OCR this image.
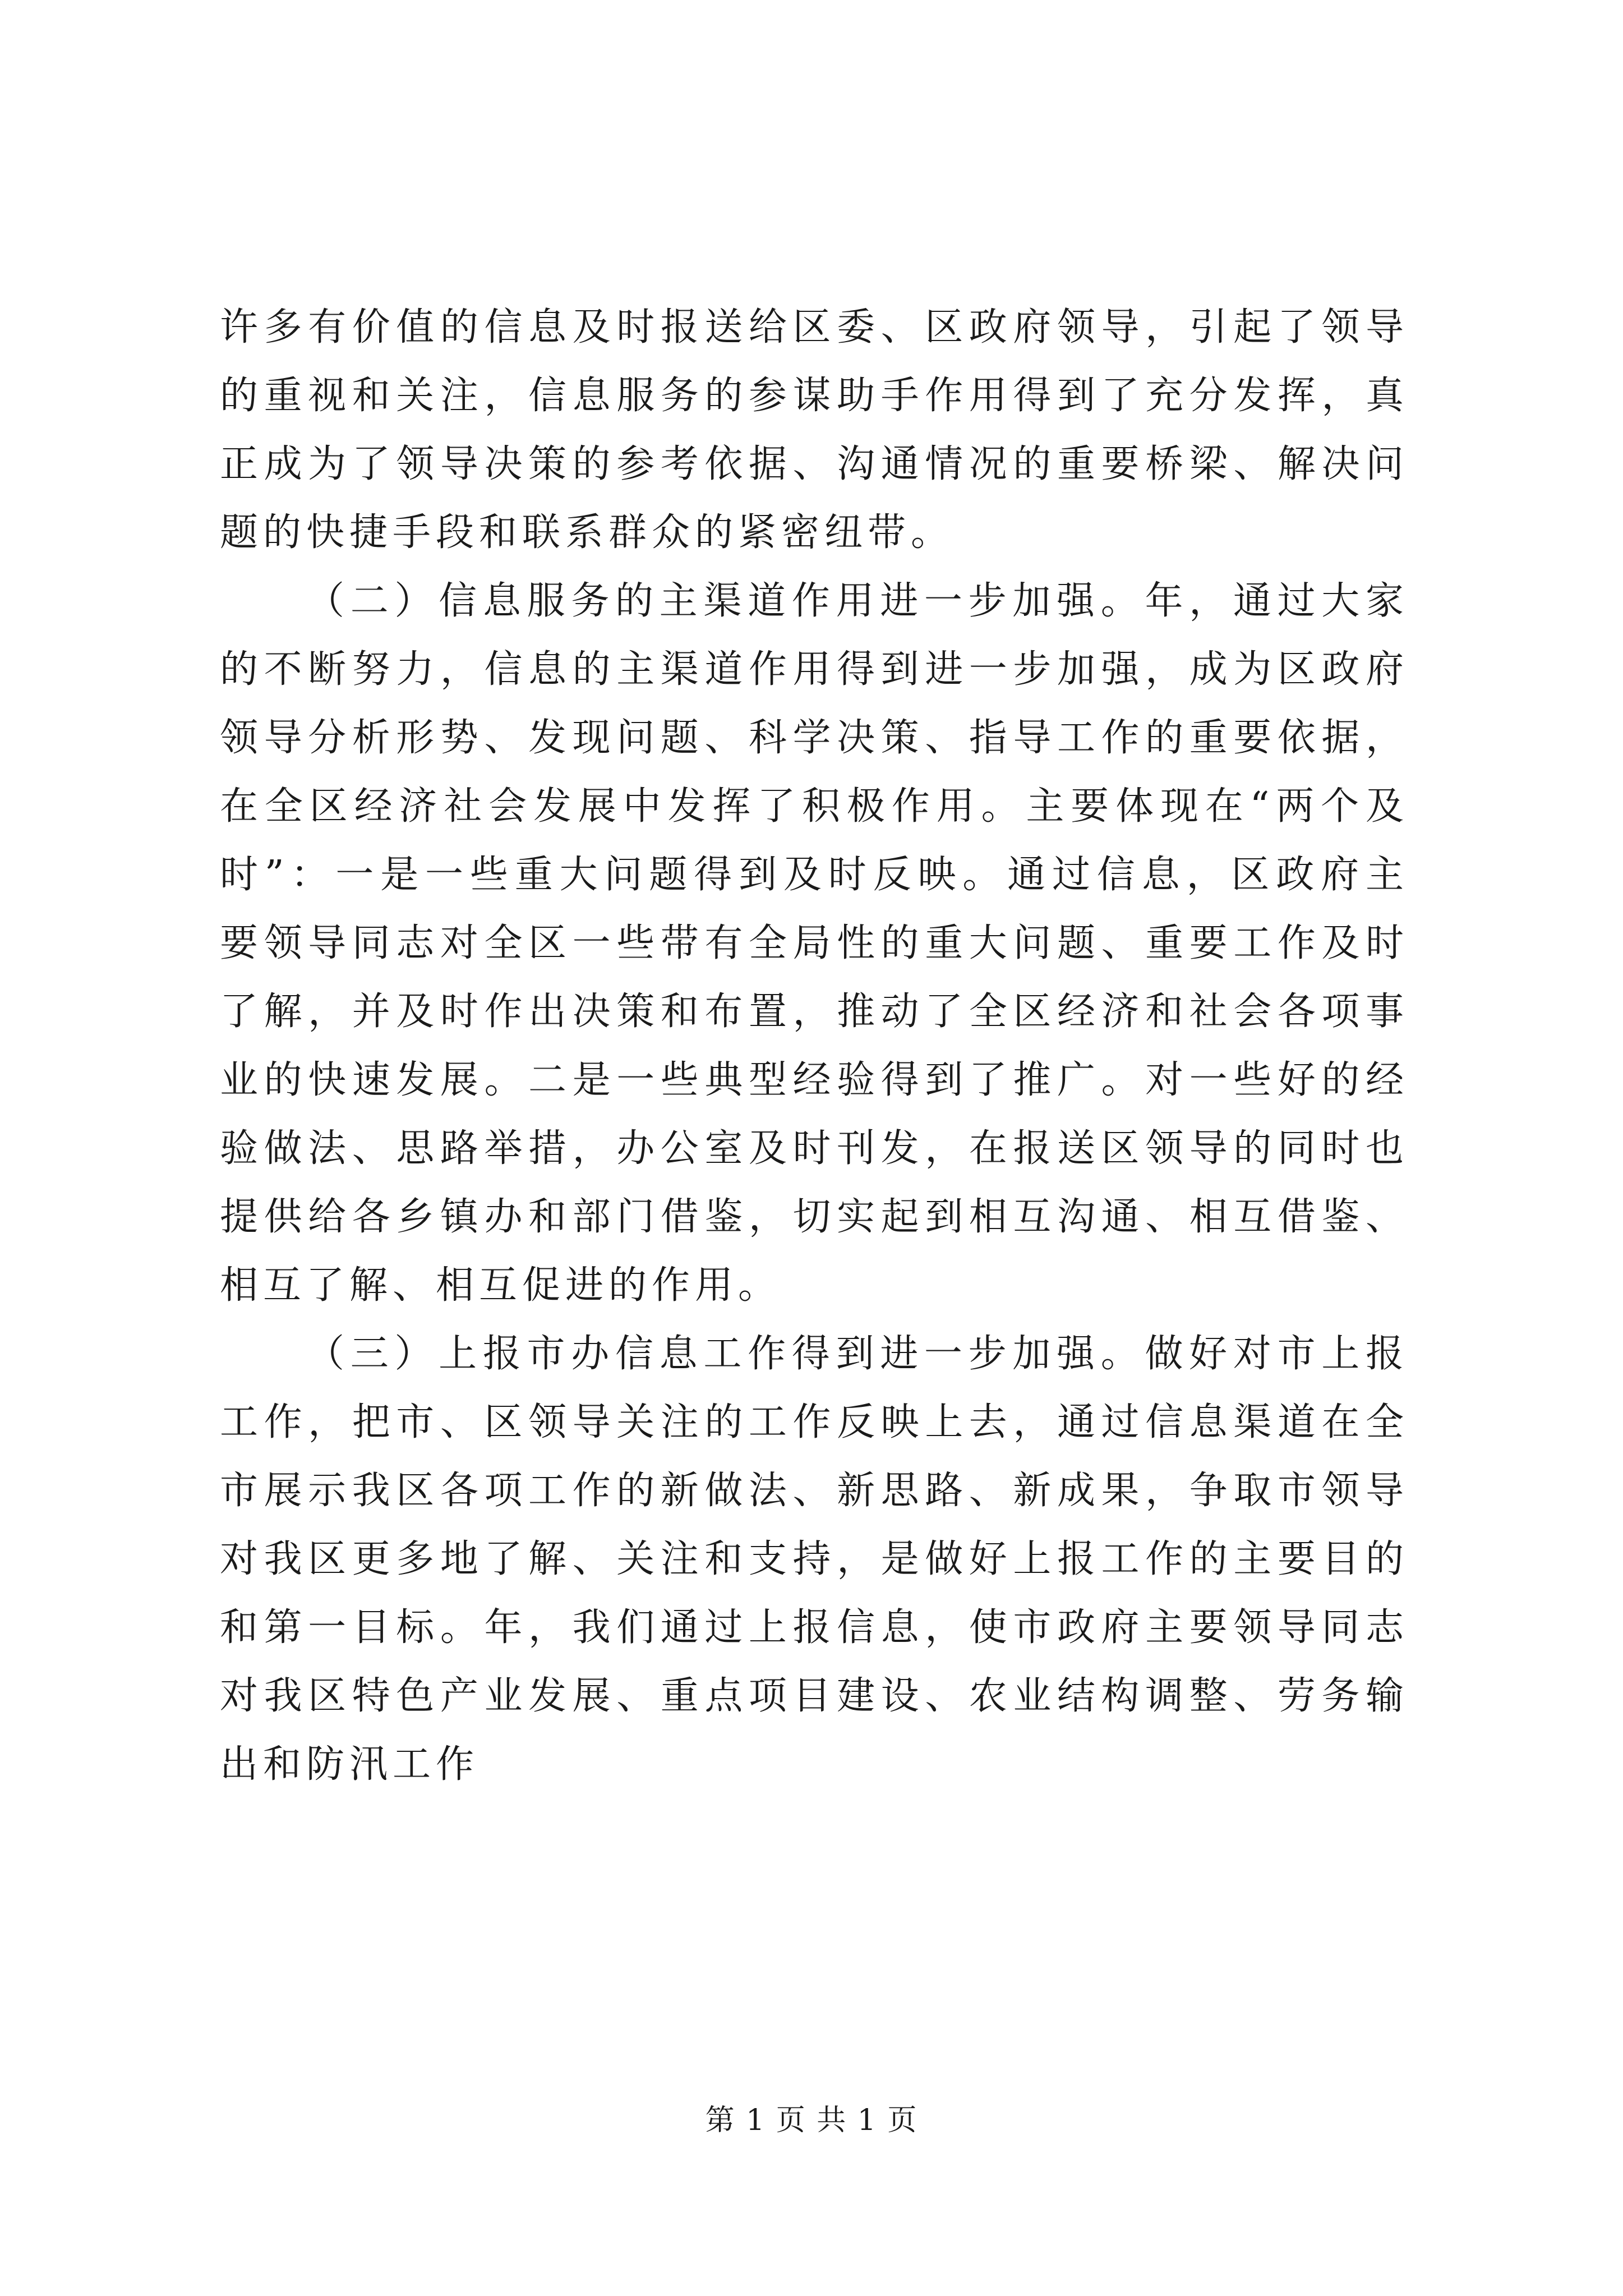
许多有价值的信息及时报送给区委、区政府领导，引起了领导的重视和关注，信息服务的参谋助手作用得到了充分发挥，真正成为了领导决策的参考依据、沟通情况的重要桥梁、解决问题的快捷手段和联系群众的紧密纽带。

（二）信息服务的主渠道作用进一步加强。年，通过大家的不断努力，信息的主渠道作用得到进一步加强，成为区政府领导分析形势、发现问题、科学决策、指导工作的重要依据，在全区经济社会发展中发挥了积极作用。主要体现在“两个及时”：一是一些重大问题得到及时反映。通过信息，区政府主要领导同志对全区一些带有全局性的重大问题、重要工作及时了解，并及时作出决策和布置，推动了全区经济和社会各项事业的快速发展。二是一些典型经验得到了推广。对一些好的经验做法、思路举措，办公室及时刊发，在报送区领导的同时也提供给各乡镇办和部门借鉴，切实起到相互沟通、相互借鉴、相互了解、相互促进的作用。

（三）上报市办信息工作得到进一步加强。做好对市上报工作，把市、区领导关注的工作反映上去，通过信息渠道在全市展示我区各项工作的新做法、新思路、新成果，争取市领导对我区更多地了解、关注和支持，是做好上报工作的主要目的和第一目标。年，我们通过上报信息，使市政府主要领导同志对我区特色产业发展、重点项目建设、农业结构调整、劳务输出和防汛工作

第 1 页 共 1 页
